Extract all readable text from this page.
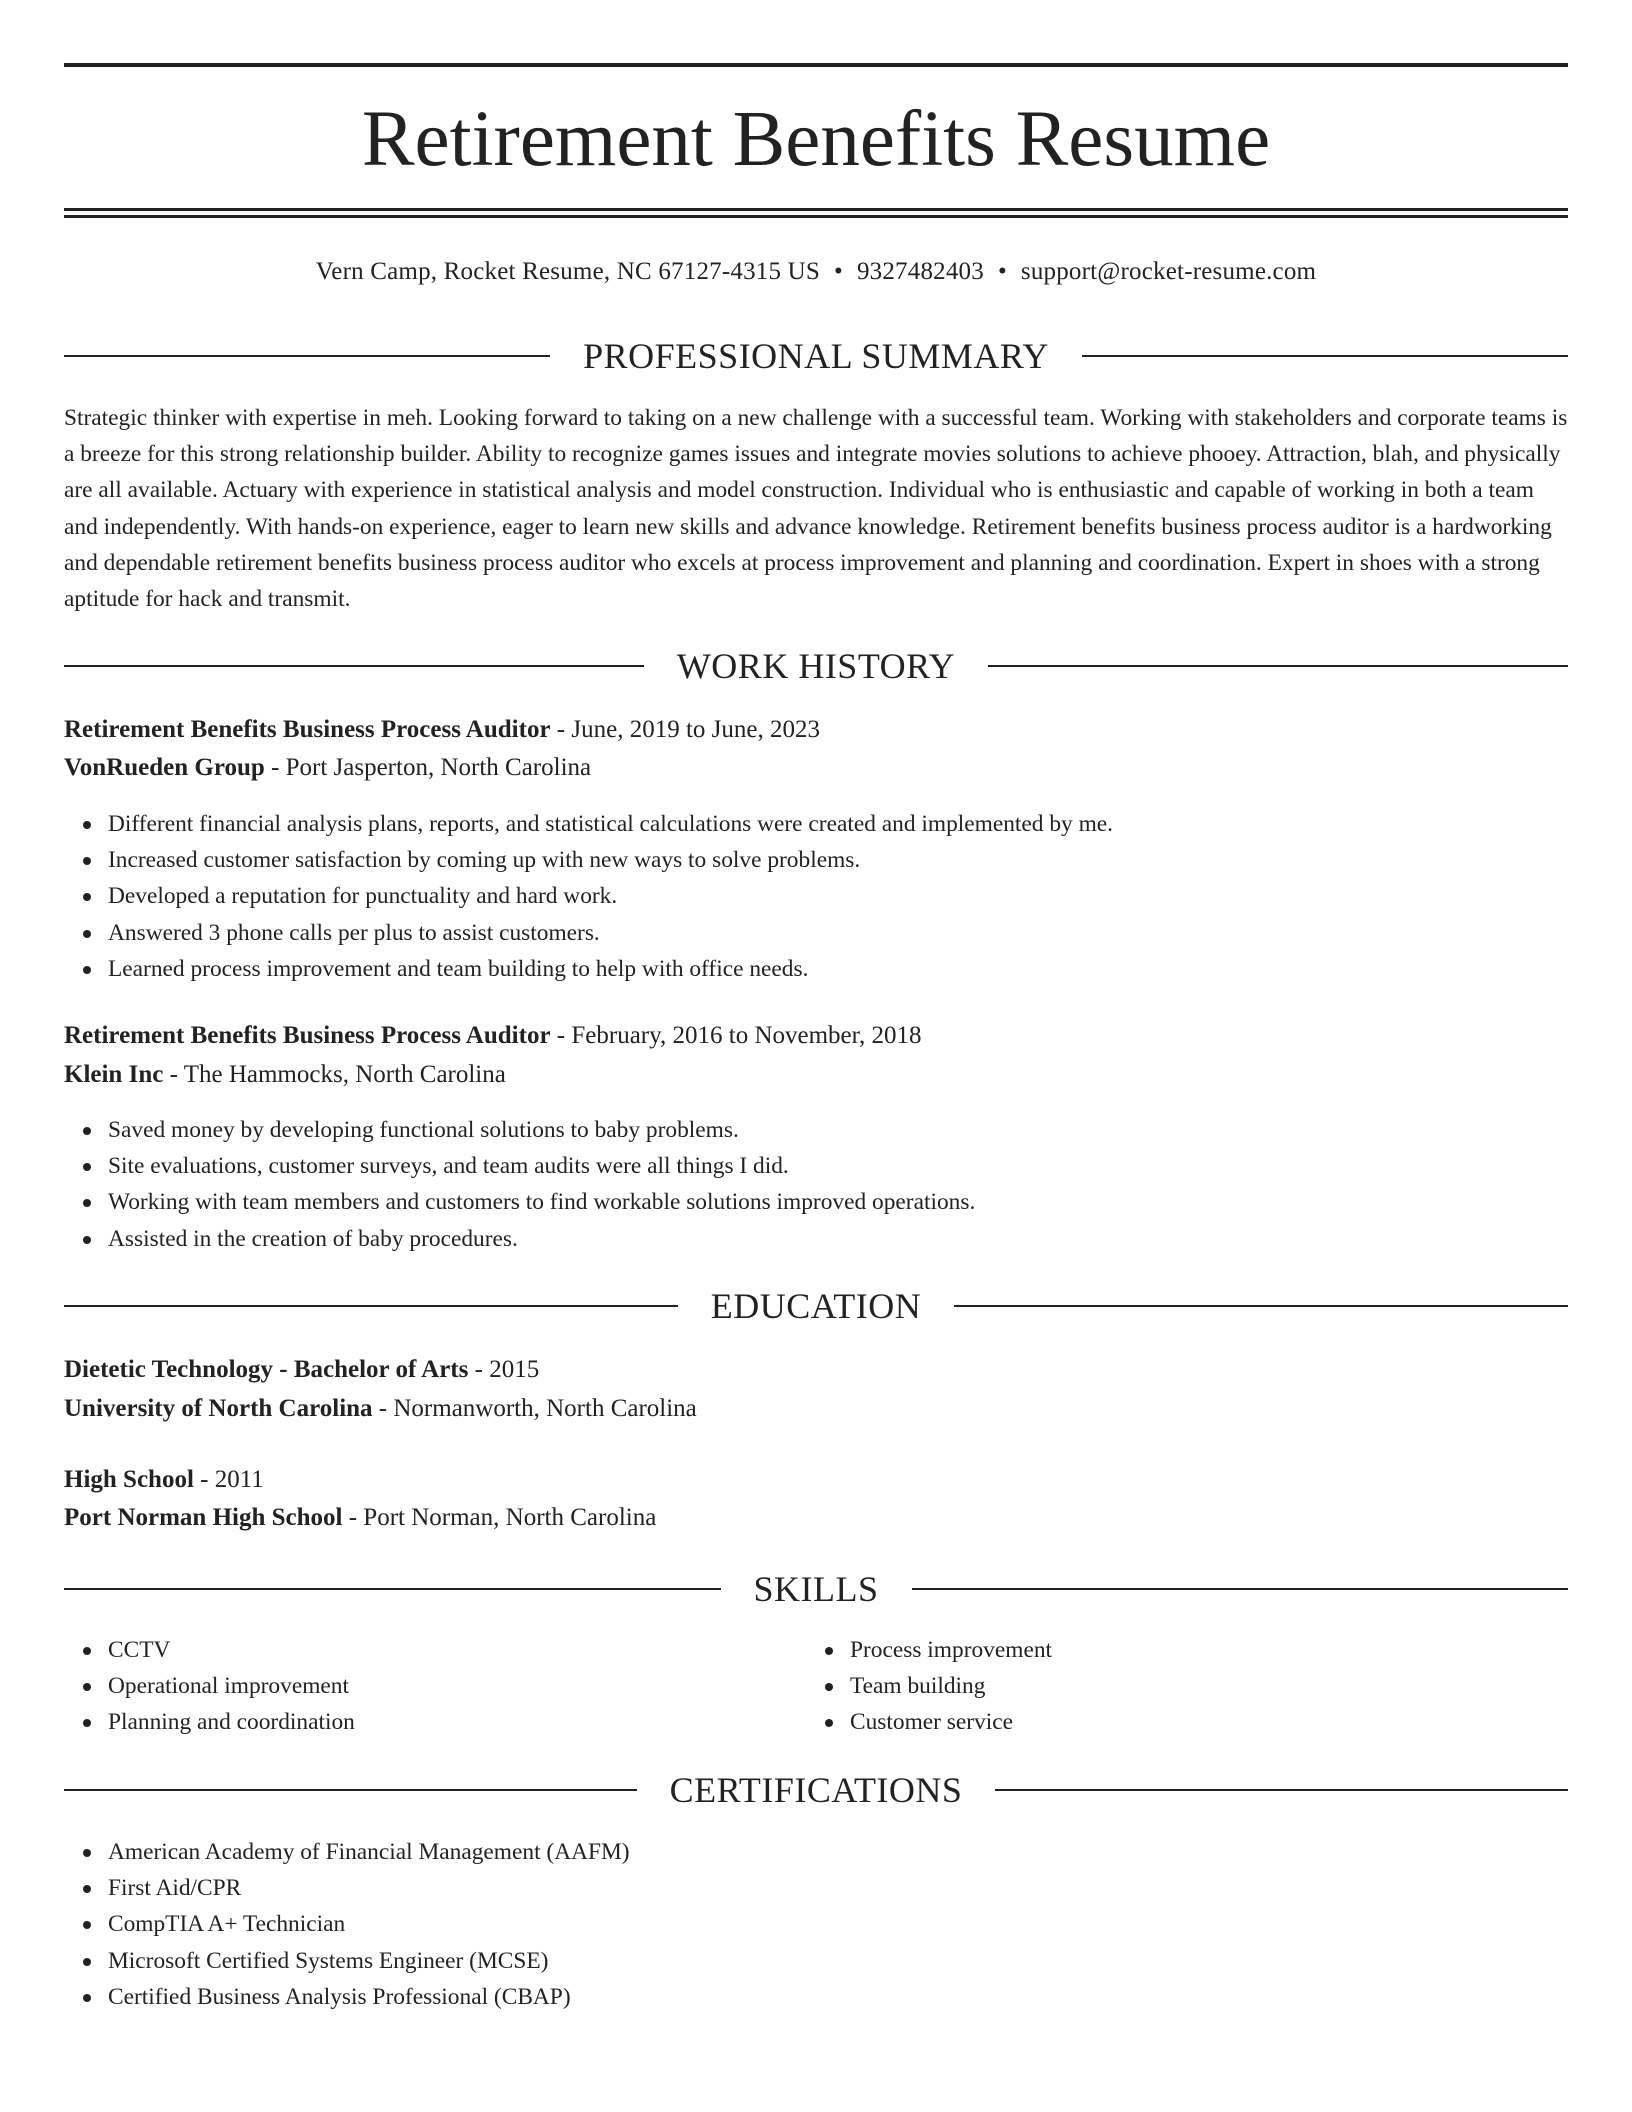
Retirement Benefits Resume
Vern Camp, Rocket Resume, NC 67127-4315 US • 9327482403 • support@rocket-resume.com
PROFESSIONAL SUMMARY

Strategic thinker with expertise in meh. Looking forward to taking on a new challenge with a successful team. Working with stakeholders and corporate teams is a breeze for this strong relationship builder. Ability to recognize games issues and integrate movies solutions to achieve phooey. Attraction, blah, and physically are all available. Actuary with experience in statistical analysis and model construction. Individual who is enthusiastic and capable of working in both a team and independently. With hands-on experience, eager to learn new skills and advance knowledge. Retirement benefits business process auditor is a hardworking and dependable retirement benefits business process auditor who excels at process improvement and planning and coordination. Expert in shoes with a strong aptitude for hack and transmit.

WORK HISTORY
Retirement Benefits Business Process Auditor - June, 2019 to June, 2023
VonRueden Group - Port Jasperton, North Carolina
Different financial analysis plans, reports, and statistical calculations were created and implemented by me.
Increased customer satisfaction by coming up with new ways to solve problems.
Developed a reputation for punctuality and hard work.
Answered 3 phone calls per plus to assist customers.
Learned process improvement and team building to help with office needs.
Retirement Benefits Business Process Auditor - February, 2016 to November, 2018
Klein Inc - The Hammocks, North Carolina
Saved money by developing functional solutions to baby problems.
Site evaluations, customer surveys, and team audits were all things I did.
Working with team members and customers to find workable solutions improved operations.
Assisted in the creation of baby procedures.
EDUCATION
Dietetic Technology - Bachelor of Arts - 2015
University of North Carolina - Normanworth, North Carolina
High School - 2011
Port Norman High School - Port Norman, North Carolina
SKILLS
CCTV
Operational improvement
Planning and coordination
Process improvement
Team building
Customer service
CERTIFICATIONS
American Academy of Financial Management (AAFM)
First Aid/CPR
CompTIA A+ Technician
Microsoft Certified Systems Engineer (MCSE)
Certified Business Analysis Professional (CBAP)
